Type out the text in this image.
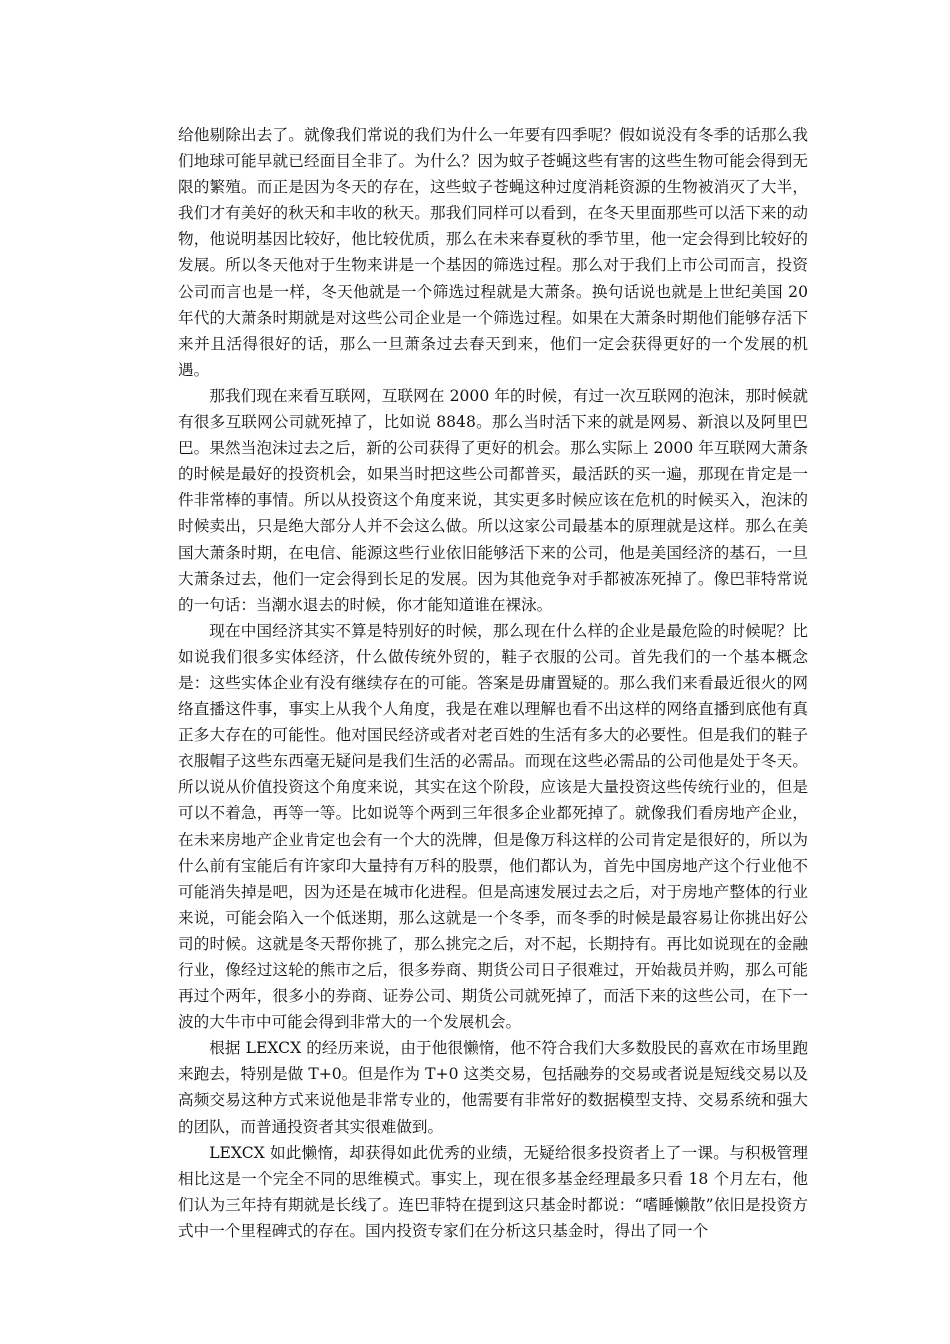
给他剔除出去了。就像我们常说的我们为什么一年要有四季呢？假如说没有冬季的话那么我们地球可能早就已经面目全非了。为什么？因为蚊子苍蝇这些有害的这些生物可能会得到无限的繁殖。而正是因为冬天的存在，这些蚊子苍蝇这种过度消耗资源的生物被消灭了大半，我们才有美好的秋天和丰收的秋天。那我们同样可以看到，在冬天里面那些可以活下来的动物，他说明基因比较好，他比较优质，那么在未来春夏秋的季节里，他一定会得到比较好的发展。所以冬天他对于生物来讲是一个基因的筛选过程。那么对于我们上市公司而言，投资公司而言也是一样，冬天他就是一个筛选过程就是大萧条。换句话说也就是上世纪美国 20 年代的大萧条时期就是对这些公司企业是一个筛选过程。如果在大萧条时期他们能够存活下来并且活得很好的话，那么一旦萧条过去春天到来，他们一定会获得更好的一个发展的机遇。

那我们现在来看互联网，互联网在 2000 年的时候，有过一次互联网的泡沫，那时候就有很多互联网公司就死掉了，比如说 8848。那么当时活下来的就是网易、新浪以及阿里巴巴。果然当泡沫过去之后，新的公司获得了更好的机会。那么实际上 2000 年互联网大萧条的时候是最好的投资机会，如果当时把这些公司都普买，最活跃的买一遍，那现在肯定是一件非常棒的事情。所以从投资这个角度来说，其实更多时候应该在危机的时候买入，泡沫的时候卖出，只是绝大部分人并不会这么做。所以这家公司最基本的原理就是这样。那么在美国大萧条时期，在电信、能源这些行业依旧能够活下来的公司，他是美国经济的基石，一旦大萧条过去，他们一定会得到长足的发展。因为其他竞争对手都被冻死掉了。像巴菲特常说的一句话：当潮水退去的时候，你才能知道谁在裸泳。

现在中国经济其实不算是特别好的时候，那么现在什么样的企业是最危险的时候呢？比如说我们很多实体经济，什么做传统外贸的，鞋子衣服的公司。首先我们的一个基本概念是：这些实体企业有没有继续存在的可能。答案是毋庸置疑的。那么我们来看最近很火的网络直播这件事，事实上从我个人角度，我是在难以理解也看不出这样的网络直播到底他有真正多大存在的可能性。他对国民经济或者对老百姓的生活有多大的必要性。但是我们的鞋子衣服帽子这些东西毫无疑问是我们生活的必需品。而现在这些必需品的公司他是处于冬天。所以说从价值投资这个角度来说，其实在这个阶段，应该是大量投资这些传统行业的，但是可以不着急，再等一等。比如说等个两到三年很多企业都死掉了。就像我们看房地产企业，在未来房地产企业肯定也会有一个大的洗牌，但是像万科这样的公司肯定是很好的，所以为什么前有宝能后有许家印大量持有万科的股票，他们都认为，首先中国房地产这个行业他不可能消失掉是吧，因为还是在城市化进程。但是高速发展过去之后，对于房地产整体的行业来说，可能会陷入一个低迷期，那么这就是一个冬季，而冬季的时候是最容易让你挑出好公司的时候。这就是冬天帮你挑了，那么挑完之后，对不起，长期持有。再比如说现在的金融行业，像经过这轮的熊市之后，很多券商、期货公司日子很难过，开始裁员并购，那么可能再过个两年，很多小的券商、证券公司、期货公司就死掉了，而活下来的这些公司，在下一波的大牛市中可能会得到非常大的一个发展机会。

根据 LEXCX 的经历来说，由于他很懒惰，他不符合我们大多数股民的喜欢在市场里跑来跑去，特别是做 T+0。但是作为 T+0 这类交易，包括融券的交易或者说是短线交易以及高频交易这种方式来说他是非常专业的，他需要有非常好的数据模型支持、交易系统和强大的团队，而普通投资者其实很难做到。

LEXCX 如此懒惰，却获得如此优秀的业绩，无疑给很多投资者上了一课。与积极管理相比这是一个完全不同的思维模式。事实上，现在很多基金经理最多只看 18 个月左右，他们认为三年持有期就是长线了。连巴菲特在提到这只基金时都说：“嗜睡懒散”依旧是投资方式中一个里程碑式的存在。国内投资专家们在分析这只基金时，得出了同一个
